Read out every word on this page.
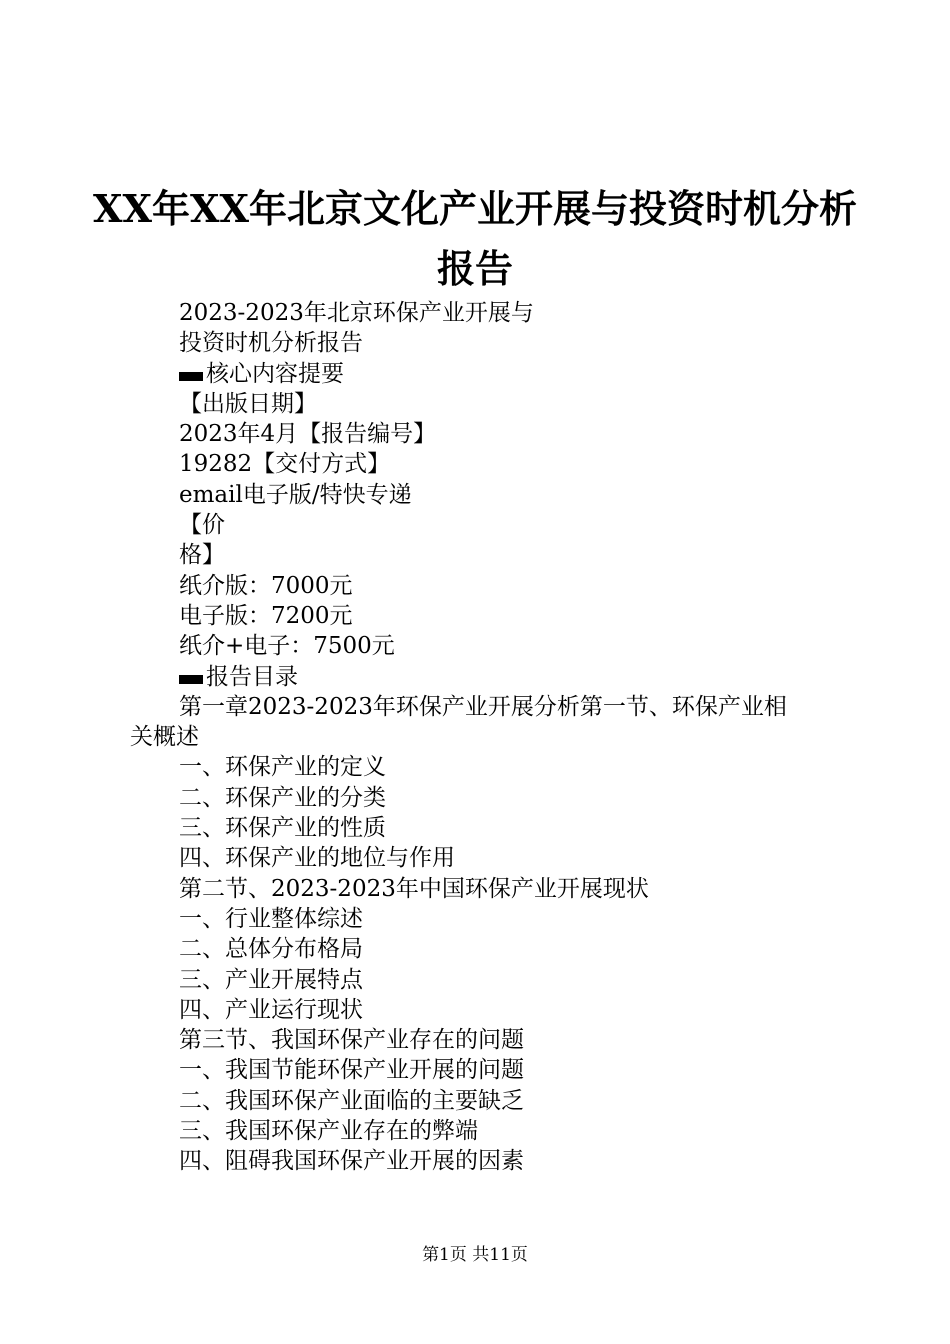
XX年XX年北京文化产业开展与投资时机分析
报告
2023-2023年北京环保产业开展与
投资时机分析报告
核心内容提要
【出版日期】
2023年4月【报告编号】
19282【交付方式】
email电子版/特快专递
【价
格】
纸介版：7000元
电子版：7200元
纸介+电子：7500元
报告目录
第一章2023-2023年环保产业开展分析第一节、环保产业相
关概述
一、环保产业的定义
二、环保产业的分类
三、环保产业的性质
四、环保产业的地位与作用
第二节、2023-2023年中国环保产业开展现状
一、行业整体综述
二、总体分布格局
三、产业开展特点
四、产业运行现状
第三节、我国环保产业存在的问题
一、我国节能环保产业开展的问题
二、我国环保产业面临的主要缺乏
三、我国环保产业存在的弊端
四、阻碍我国环保产业开展的因素
第1页 共11页
